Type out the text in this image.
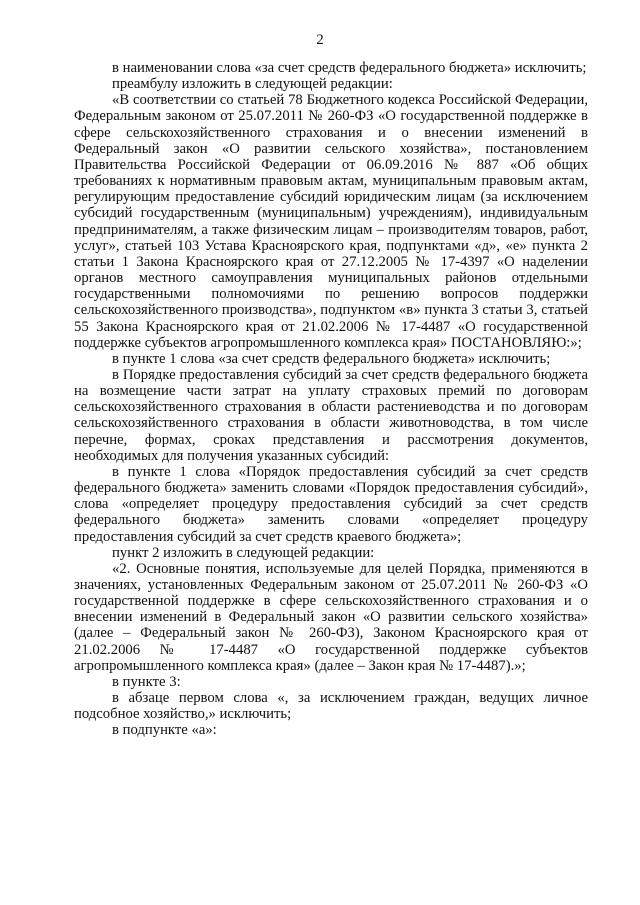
2

в наименовании слова «за счет средств федерального бюджета» исключить;

преамбулу изложить в следующей редакции:

«В соответствии со статьей 78 Бюджетного кодекса Российской Федерации, Федеральным законом от 25.07.2011 № 260-ФЗ «О государственной поддержке в сфере сельскохозяйственного страхования и о внесении изменений в Федеральный закон «О развитии сельского хозяйства», постановлением Правительства Российской Федерации от 06.09.2016 № 887 «Об общих требованиях к нормативным правовым актам, муниципальным правовым актам, регулирующим предоставление субсидий юридическим лицам (за исключением субсидий государственным (муниципальным) учреждениям), индивидуальным предпринимателям, а также физическим лицам – производителям товаров, работ, услуг», статьей 103 Устава Красноярского края, подпунктами «д», «е» пункта 2 статьи 1 Закона Красноярского края от 27.12.2005 № 17-4397 «О наделении органов местного самоуправления муниципальных районов отдельными государственными полномочиями по решению вопросов поддержки сельскохозяйственного производства», подпунктом «в» пункта 3 статьи 3, статьей 55 Закона Красноярского края от 21.02.2006 № 17-4487 «О государственной поддержке субъектов агропромышленного комплекса края» ПОСТАНОВЛЯЮ:»;

в пункте 1 слова «за счет средств федерального бюджета» исключить;

в Порядке предоставления субсидий за счет средств федерального бюджета на возмещение части затрат на уплату страховых премий по договорам сельскохозяйственного страхования в области растениеводства и по договорам сельскохозяйственного страхования в области животноводства, в том числе перечне, формах, сроках представления и рассмотрения документов, необходимых для получения указанных субсидий:

в пункте 1 слова «Порядок предоставления субсидий за счет средств федерального бюджета» заменить словами «Порядок предоставления субсидий», слова «определяет процедуру предоставления субсидий за счет средств федерального бюджета» заменить словами «определяет процедуру предоставления субсидий за счет средств краевого бюджета»;

пункт 2 изложить в следующей редакции:

«2. Основные понятия, используемые для целей Порядка, применяются в значениях, установленных Федеральным законом от 25.07.2011 № 260-ФЗ «О государственной поддержке в сфере сельскохозяйственного страхования и о внесении изменений в Федеральный закон «О развитии сельского хозяйства» (далее – Федеральный закон № 260-ФЗ), Законом Красноярского края от 21.02.2006 № 17-4487 «О государственной поддержке субъектов агропромышленного комплекса края» (далее – Закон края № 17-4487).»;

в пункте 3:

в абзаце первом слова «, за исключением граждан, ведущих личное подсобное хозяйство,» исключить;

в подпункте «а»:
